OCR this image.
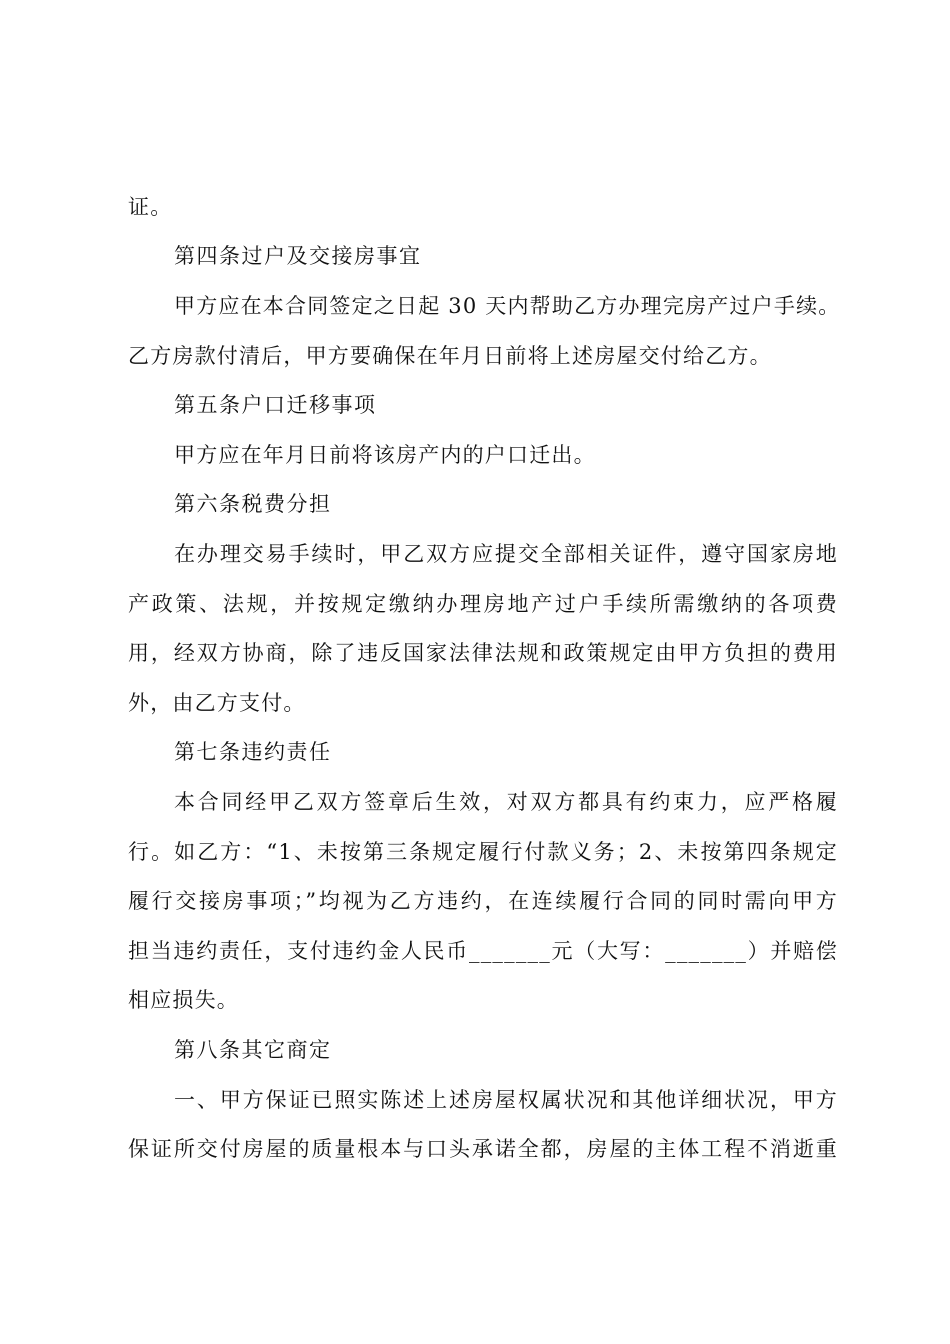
证。
第四条过户及交接房事宜
甲方应在本合同签定之日起 30 天内帮助乙方办理完房产过户手续。
乙方房款付清后，甲方要确保在年月日前将上述房屋交付给乙方。
第五条户口迁移事项
甲方应在年月日前将该房产内的户口迁出。
第六条税费分担
在办理交易手续时，甲乙双方应提交全部相关证件，遵守国家房地
产政策、法规，并按规定缴纳办理房地产过户手续所需缴纳的各项费
用，经双方协商，除了违反国家法律法规和政策规定由甲方负担的费用
外，由乙方支付。
第七条违约责任
本合同经甲乙双方签章后生效，对双方都具有约束力，应严格履
行。如乙方：“1、未按第三条规定履行付款义务；2、未按第四条规定
履行交接房事项；”均视为乙方违约，在连续履行合同的同时需向甲方
担当违约责任，支付违约金人民币_______元（大写：_______）并赔偿
相应损失。
第八条其它商定
一、甲方保证已照实陈述上述房屋权属状况和其他详细状况，甲方
保证所交付房屋的质量根本与口头承诺全都，房屋的主体工程不消逝重
